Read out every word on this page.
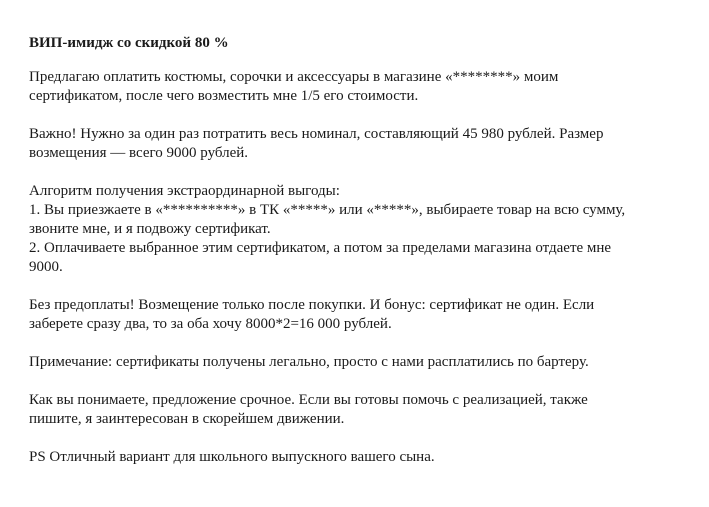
ВИП-имидж со скидкой 80 %
Предлагаю оплатить костюмы, сорочки и аксессуары в магазине «********» моим
сертификатом, после чего возместить мне 1/5 его стоимости.
Важно! Нужно за один раз потратить весь номинал, составляющий 45 980 рублей. Размер
возмещения — всего 9000 рублей.
Алгоритм получения экстраординарной выгоды:
1. Вы приезжаете в «**********» в ТК «*****» или «*****», выбираете товар на всю сумму,
звоните мне, и я подвожу сертификат.
2. Оплачиваете выбранное этим сертификатом, а потом за пределами магазина отдаете мне
9000.
Без предоплаты! Возмещение только после покупки. И бонус: сертификат не один. Если
заберете сразу два, то за оба хочу 8000*2=16 000 рублей.
Примечание: сертификаты получены легально, просто с нами расплатились по бартеру.
Как вы понимаете, предложение срочное. Если вы готовы помочь с реализацией, также
пишите, я заинтересован в скорейшем движении.
PS Отличный вариант для школьного выпускного вашего сына.
